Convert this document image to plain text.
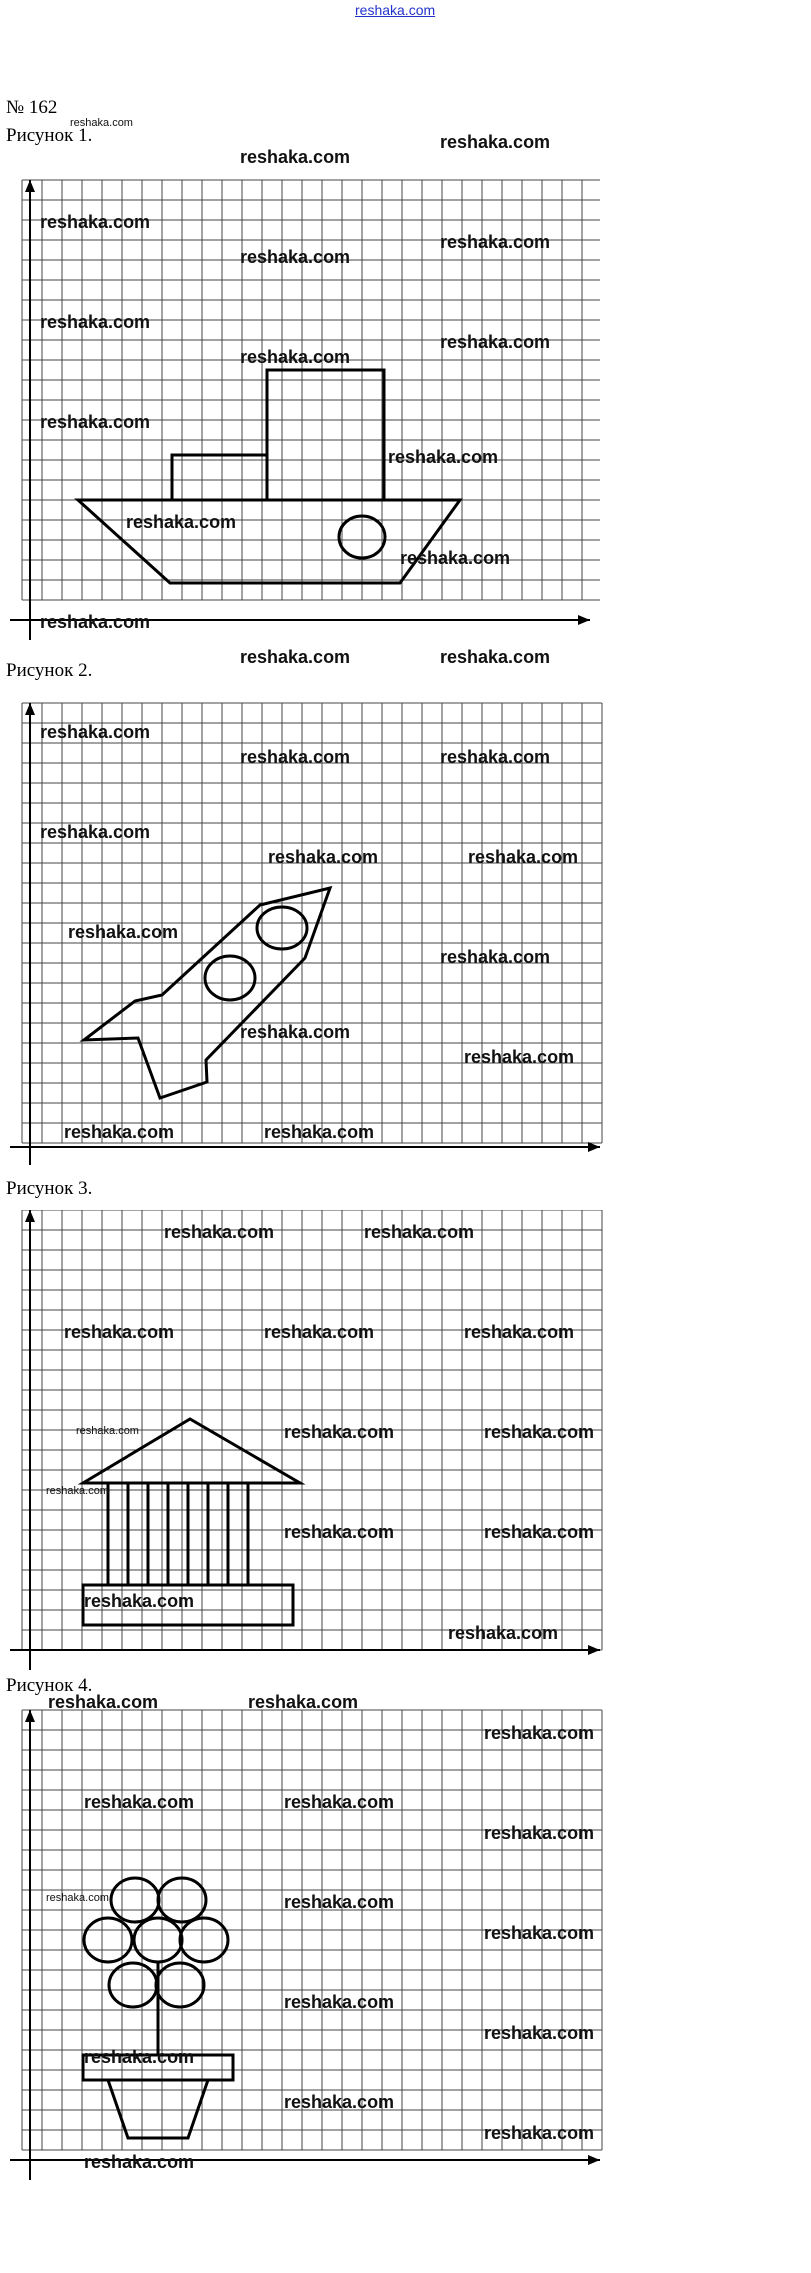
reshaka.com
№ 162
Рисунок 1.
Рисунок 2.
Рисунок 3.
Рисунок 4.
reshaka.com
reshaka.com
reshaka.com
reshaka.com
reshaka.com
reshaka.com
reshaka.com
reshaka.com
reshaka.com
reshaka.com
reshaka.com
reshaka.com
reshaka.com
reshaka.com
reshaka.com	reshaka.com
reshaka.com
reshaka.com	reshaka.com
reshaka.com
reshaka.com	reshaka.com
reshaka.com
reshaka.com
reshaka.com
reshaka.com
reshaka.com	reshaka.com
reshaka.com	reshaka.com
reshaka.com	reshaka.com	reshaka.com
reshaka.com	reshaka.com	reshaka.com
reshaka.com
reshaka.com	reshaka.com
reshaka.com
reshaka.com
reshaka.com	reshaka.com
reshaka.com
reshaka.com	reshaka.com
reshaka.com
reshaka.com	reshaka.com
reshaka.com
reshaka.com
reshaka.com
reshaka.com
reshaka.com
reshaka.com
reshaka.com
